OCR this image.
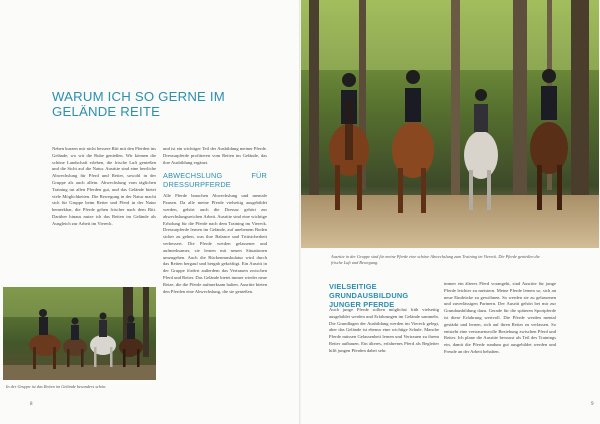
WARUM ICH SO GERNE IM GELÄNDE REITE

Neben kurzen mir nicht bessere Ritt mit den Pferden ins Gelände, wo wir die Ruhe genießen. Wir können die schöne Landschaft erleben, die frische Luft genießen und die Sicht auf die Natur. Ausritte sind eine herrliche Abwechslung für Pferd und Reiter, sowohl in der Gruppe als auch allein. Abwechslung vom täglichen Training tut allen Pferden gut, und das Gelände bietet viele Möglichkeiten. Die Bewegung in der Natur macht sich für Gruppe beim Reiter und Pferd in der Natur bemerkbar, die Pferde gehen frischer nach dem Ritt. Darüber hinaus nutze ich das Reiten im Gelände als Ausgleich zur Arbeit im Viereck.

und ist ein wichtiger Teil der Ausbildung meiner Pferde. Dressurpferde profitieren vom Reiten im Gelände, das ihre Ausbildung ergänzt.

ABWECHSLUNG FÜR DRESSURPFERDE

Alle Pferde brauchen Abwechslung und mentale Pausen. Da alle meine Pferde vielseitig ausgebildet werden, gehört auch die Dressur gehört zur abwechslungsreichen Arbeit. Ausritte sind eine wichtige Erholung für die Pferde nach dem Training im Viereck. Dressurpferde lernen im Gelände, auf unebenem Boden sicher zu gehen, was ihre Balance und Trittsicherheit verbessert. Die Pferde werden gelassener und aufmerksamer, sie lernen mit neuen Situationen umzugehen. Auch die Rückenmuskulatur wird durch das Reiten bergauf und bergab gekräftigt. Ein Ausritt in der Gruppe fördert außerdem das Vertrauen zwischen Pferd und Reiter. Das Gelände bietet immer wieder neue Reize, die die Pferde aufmerksam halten. Ausritte bieten den Pferden eine Abwechslung, die sie genießen.

In der Gruppe ist das Reiten im Gelände besonders schön.

8

Ausritte in der Gruppe sind für meine Pferde eine schöne Abwechslung zum Training im Viereck. Die Pferde genießen die frische Luft und Bewegung.

VIELSEITIGE GRUNDAUSBILDUNG JUNGER PFERDE

Auch junge Pferde sollten möglichst früh vielseitig ausgebildet werden und Erfahrungen im Gelände sammeln. Die Grundlagen der Ausbildung werden im Viereck gelegt, aber das Gelände ist ebenso eine wichtige Schule. Manche Pferde müssen Gelassenheit lernen und Vertrauen zu ihrem Reiter aufbauen. Ein älteres, erfahrenes Pferd als Begleiter hilft jungen Pferden dabei sehr.

immer ein älteres Pferd vorangeht, sind Ausritte für junge Pferde leichter zu meistern. Meine Pferde lernen so, sich an neue Eindrücke zu gewöhnen. So werden sie zu gelassenen und zuverlässigen Partnern. Der Ausritt gehört bei mir zur Grundausbildung dazu. Gerade für die späteren Sportpferde ist diese Erfahrung wertvoll. Die Pferde werden mental gestärkt und lernen, sich auf ihren Reiter zu verlassen. So entsteht eine vertrauensvolle Beziehung zwischen Pferd und Reiter. Ich plane die Ausritte bewusst als Teil des Trainings ein, damit die Pferde rundum gut ausgebildet werden und Freude an der Arbeit behalten.

9
